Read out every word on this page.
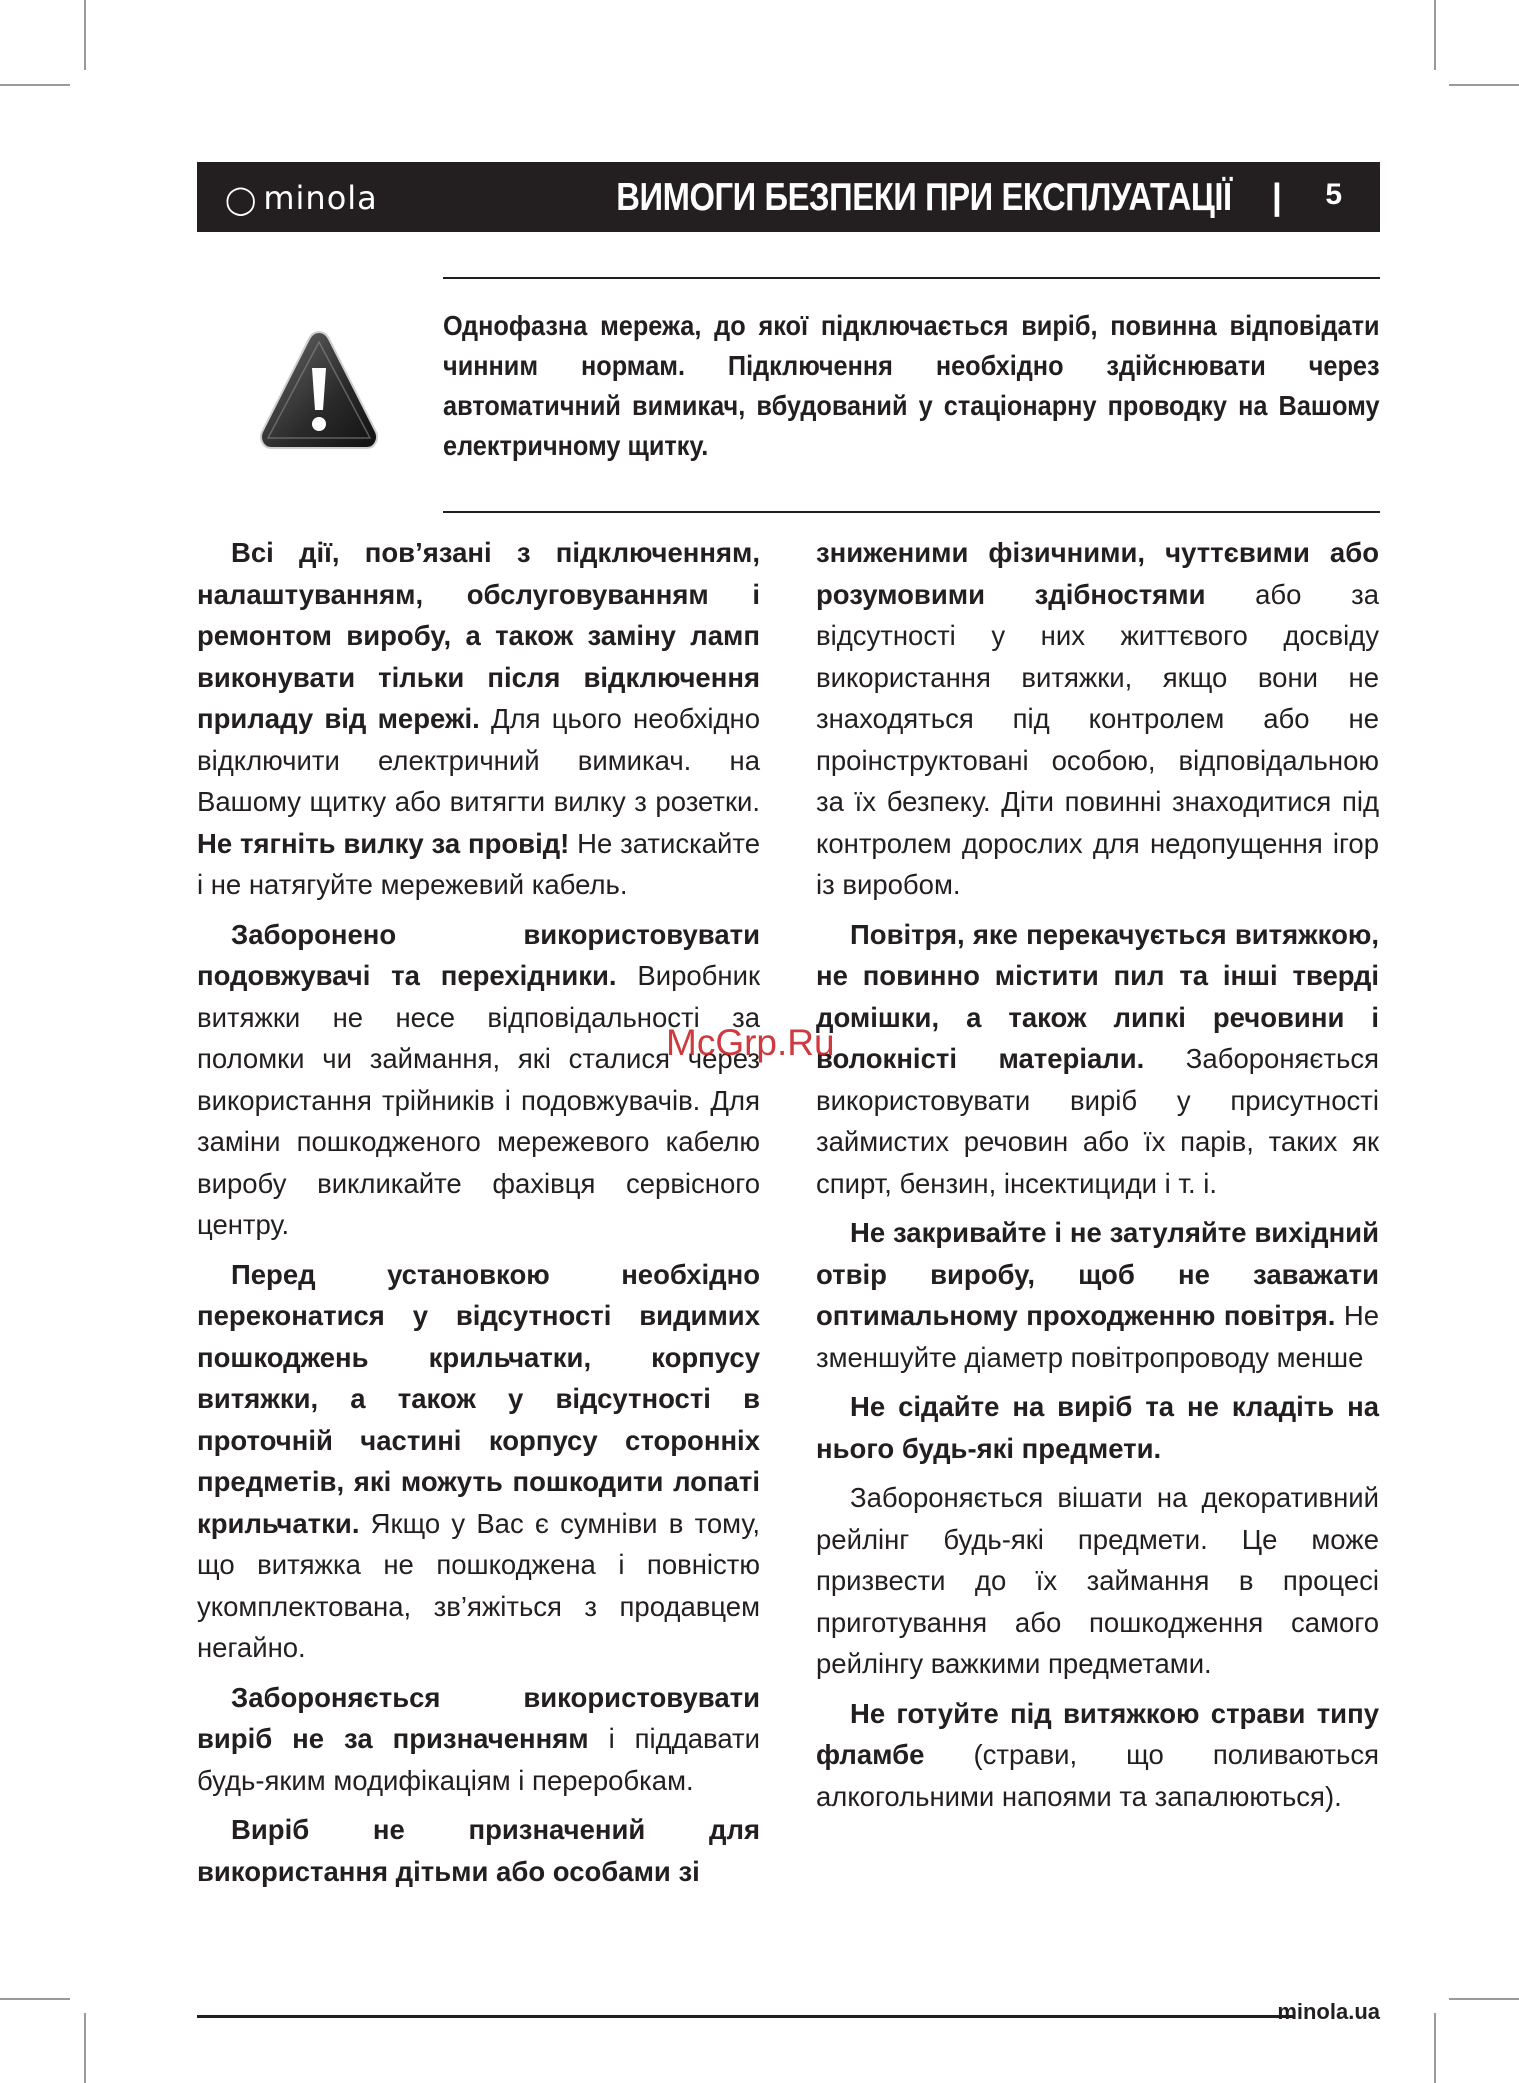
◯ minola	ВИМОГИ БЕЗПЕКИ ПРИ ЕКСПЛУАТАЦІЇ | 5
Однофазна мережа, до якої підключається виріб, повинна відповідати чинним нормам. Підключення необхідно здійснювати через автоматичний вимикач, вбудований у стаціонарну проводку на Вашому електричному щитку.

Всі дії, пов’язані з підключенням, налаштуванням, обслуговуванням і ремонтом виробу, а також заміну ламп виконувати тільки після відключення приладу від мережі. Для цього необхідно відключити електричний вимикач. на Вашому щитку або витягти вилку з розетки. Не тягніть вилку за провід! Не затискайте і не натягуйте мережевий кабель.

Заборонено використовувати подовжувачі та перехідники. Виробник витяжки не несе відповідальності за поломки чи займання, які сталися через використання трійників і подовжувачів. Для заміни пошкодженого мережевого кабелю виробу викликайте фахівця сервісного центру.

Перед установкою необхідно переконатися у відсутності видимих пошкоджень крильчатки, корпусу витяжки, а також у відсутності в проточній частині корпусу сторонніх предметів, які можуть пошкодити лопаті крильчатки. Якщо у Вас є сумніви в тому, що витяжка не пошкоджена і повністю укомплектована, зв’яжіться з продавцем негайно.

Забороняється використовувати виріб не за призначенням і піддавати будь-яким модифікаціям і переробкам.

Виріб не призначений для використання дітьми або особами зі

зниженими фізичними, чуттєвими або розумовими здібностями або за відсутності у них життєвого досвіду використання витяжки, якщо вони не знаходяться під контролем або не проінструктовані особою, відповідальною за їх безпеку. Діти повинні знаходитися під контролем дорослих для недопущення ігор із виробом.

Повітря, яке перекачується витяжкою, не повинно містити пил та інші тверді домішки, а також липкі речовини і волокністі матеріали. Забороняється використовувати виріб у присутності займистих речовин або їх парів, таких як спирт, бензин, інсектициди і т. і.

Не закривайте і не затуляйте вихідний отвір виробу, щоб не заважати оптимальному проходженню повітря. Не зменшуйте діаметр повітропроводу менше

Не сідайте на виріб та не кладіть на нього будь-які предмети.

Забороняється вішати на декоративний рейлінг будь-які предмети. Це може призвести до їх займання в процесі приготування або пошкодження самого рейлінгу важкими предметами.

Не готуйте під витяжкою страви типу фламбе (страви, що поливаються алкогольними напоями та запалюються).

McGrp.Ru
minola.ua
